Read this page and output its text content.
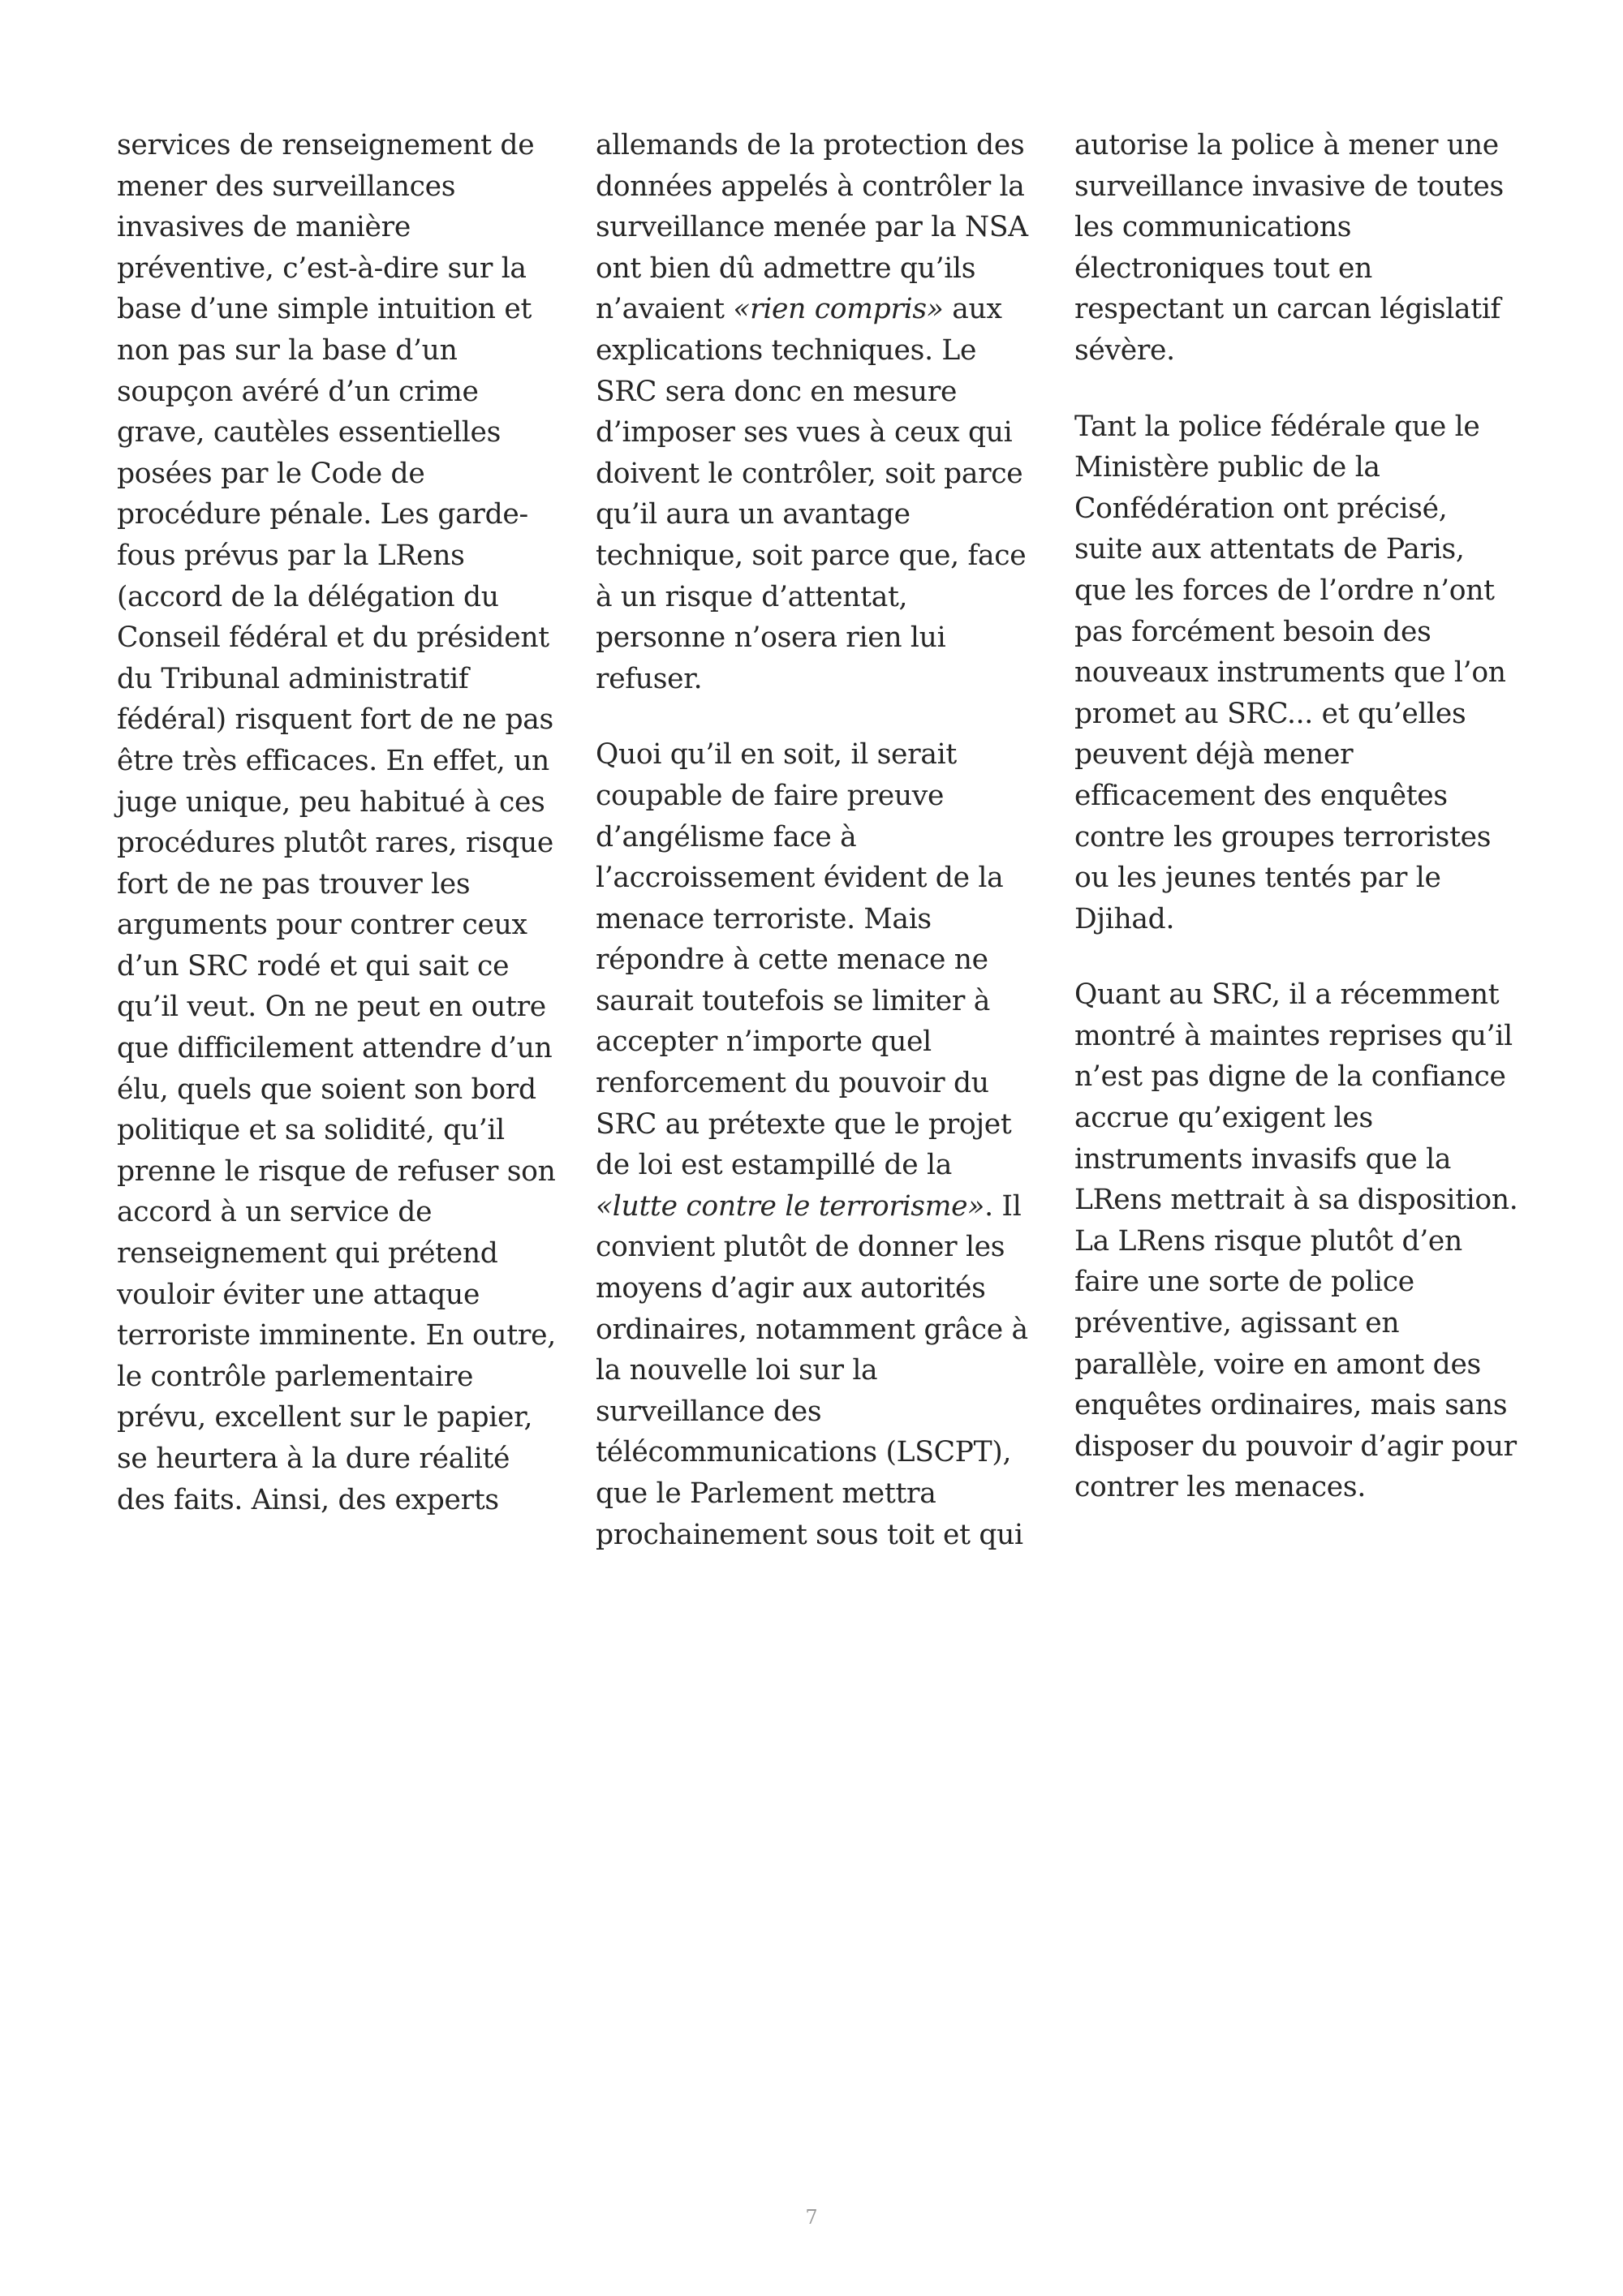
services de renseignement de
mener des surveillances
invasives de manière
préventive, c’est-à-dire sur la
base d’une simple intuition et
non pas sur la base d’un
soupçon avéré d’un crime
grave, cautèles essentielles
posées par le Code de
procédure pénale. Les garde-
fous prévus par la LRens
(accord de la délégation du
Conseil fédéral et du président
du Tribunal administratif
fédéral) risquent fort de ne pas
être très efficaces. En effet, un
juge unique, peu habitué à ces
procédures plutôt rares, risque
fort de ne pas trouver les
arguments pour contrer ceux
d’un SRC rodé et qui sait ce
qu’il veut. On ne peut en outre
que difficilement attendre d’un
élu, quels que soient son bord
politique et sa solidité, qu’il
prenne le risque de refuser son
accord à un service de
renseignement qui prétend
vouloir éviter une attaque
terroriste imminente. En outre,
le contrôle parlementaire
prévu, excellent sur le papier,
se heurtera à la dure réalité
des faits. Ainsi, des experts
allemands de la protection des
données appelés à contrôler la
surveillance menée par la NSA
ont bien dû admettre qu’ils
n’avaient «rien compris» aux
explications techniques. Le
SRC sera donc en mesure
d’imposer ses vues à ceux qui
doivent le contrôler, soit parce
qu’il aura un avantage
technique, soit parce que, face
à un risque d’attentat,
personne n’osera rien lui
refuser.
Quoi qu’il en soit, il serait
coupable de faire preuve
d’angélisme face à
l’accroissement évident de la
menace terroriste. Mais
répondre à cette menace ne
saurait toutefois se limiter à
accepter n’importe quel
renforcement du pouvoir du
SRC au prétexte que le projet
de loi est estampillé de la
«lutte contre le terrorisme». Il
convient plutôt de donner les
moyens d’agir aux autorités
ordinaires, notamment grâce à
la nouvelle loi sur la
surveillance des
télécommunications (LSCPT),
que le Parlement mettra
prochainement sous toit et qui
autorise la police à mener une
surveillance invasive de toutes
les communications
électroniques tout en
respectant un carcan législatif
sévère.
Tant la police fédérale que le
Ministère public de la
Confédération ont précisé,
suite aux attentats de Paris,
que les forces de l’ordre n’ont
pas forcément besoin des
nouveaux instruments que l’on
promet au SRC... et qu’elles
peuvent déjà mener
efficacement des enquêtes
contre les groupes terroristes
ou les jeunes tentés par le
Djihad.
Quant au SRC, il a récemment
montré à maintes reprises qu’il
n’est pas digne de la confiance
accrue qu’exigent les
instruments invasifs que la
LRens mettrait à sa disposition.
La LRens risque plutôt d’en
faire une sorte de police
préventive, agissant en
parallèle, voire en amont des
enquêtes ordinaires, mais sans
disposer du pouvoir d’agir pour
contrer les menaces.
7
